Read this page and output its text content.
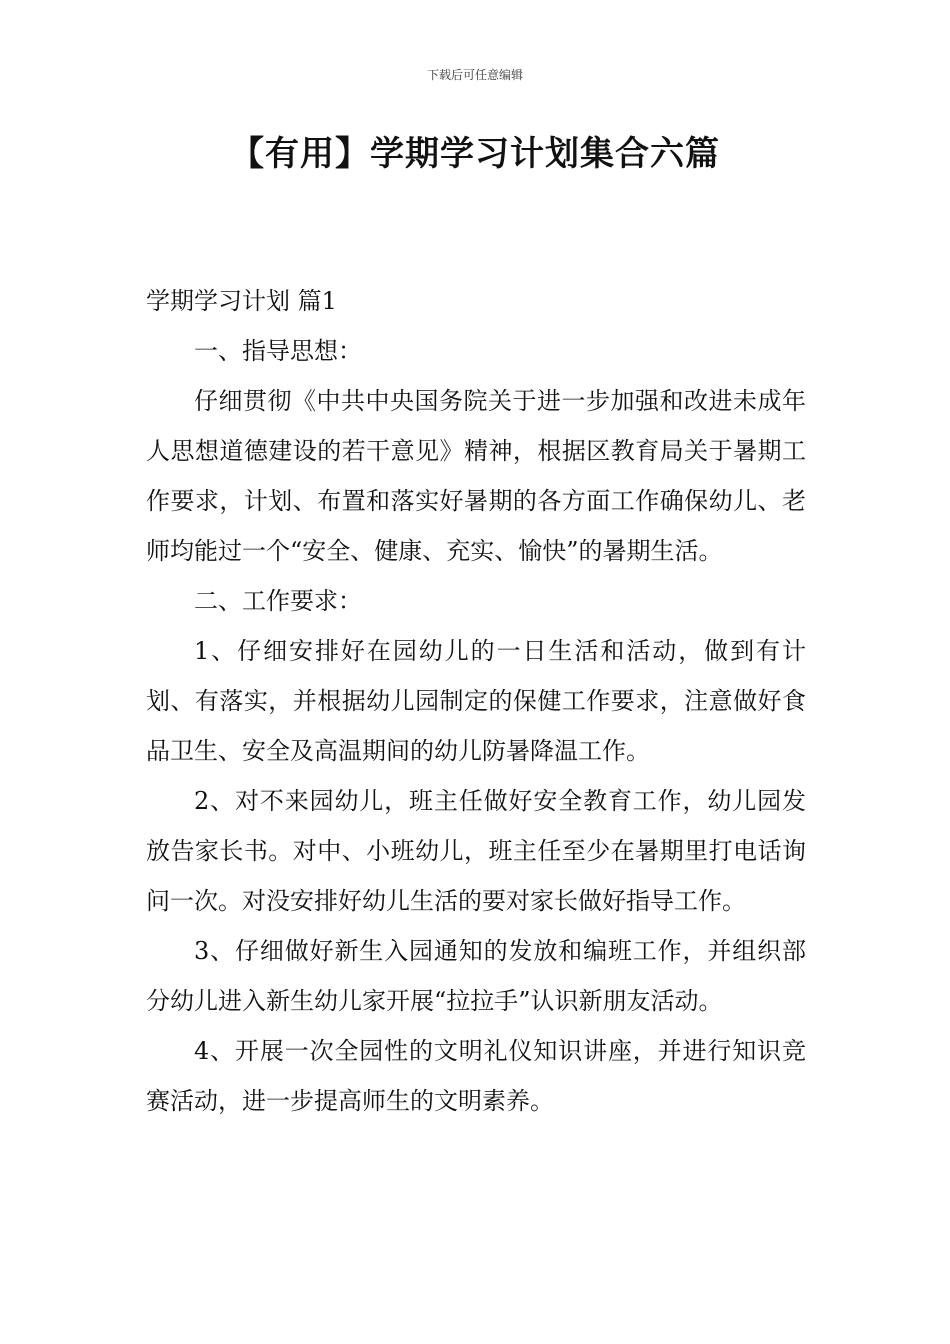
下载后可任意编辑
【有用】学期学习计划集合六篇

学期学习计划 篇1

一、指导思想：

仔细贯彻《中共中央国务院关于进一步加强和改进未成年人思想道德建设的若干意见》精神，根据区教育局关于暑期工作要求，计划、布置和落实好暑期的各方面工作确保幼儿、老师均能过一个“安全、健康、充实、愉快”的暑期生活。

二、工作要求：

1、仔细安排好在园幼儿的一日生活和活动，做到有计划、有落实，并根据幼儿园制定的保健工作要求，注意做好食品卫生、安全及高温期间的幼儿防暑降温工作。

2、对不来园幼儿，班主任做好安全教育工作，幼儿园发放告家长书。对中、小班幼儿，班主任至少在暑期里打电话询问一次。对没安排好幼儿生活的要对家长做好指导工作。

3、仔细做好新生入园通知的发放和编班工作，并组织部分幼儿进入新生幼儿家开展“拉拉手”认识新朋友活动。

4、开展一次全园性的文明礼仪知识讲座，并进行知识竞赛活动，进一步提高师生的文明素养。
